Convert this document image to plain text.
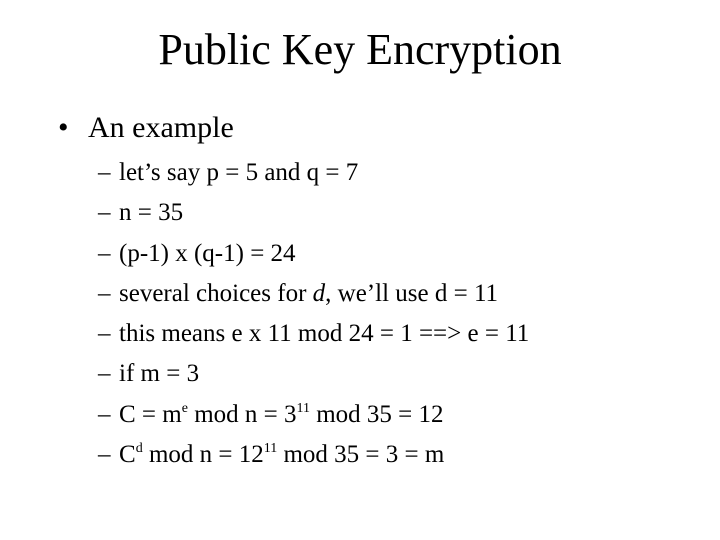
Public Key Encryption
• An example
– let’s say p = 5 and q = 7
– n = 35
– (p-1) x (q-1) = 24
– several choices for d, we’ll use d = 11
– this means e x 11 mod 24 = 1 ==> e = 11
– if m = 3
– $C = m^e$ mod $n = 3^{11}$ mod 35 = 12
– $C^d$ mod $n = 12^{11}$ mod 35 = 3 = m
